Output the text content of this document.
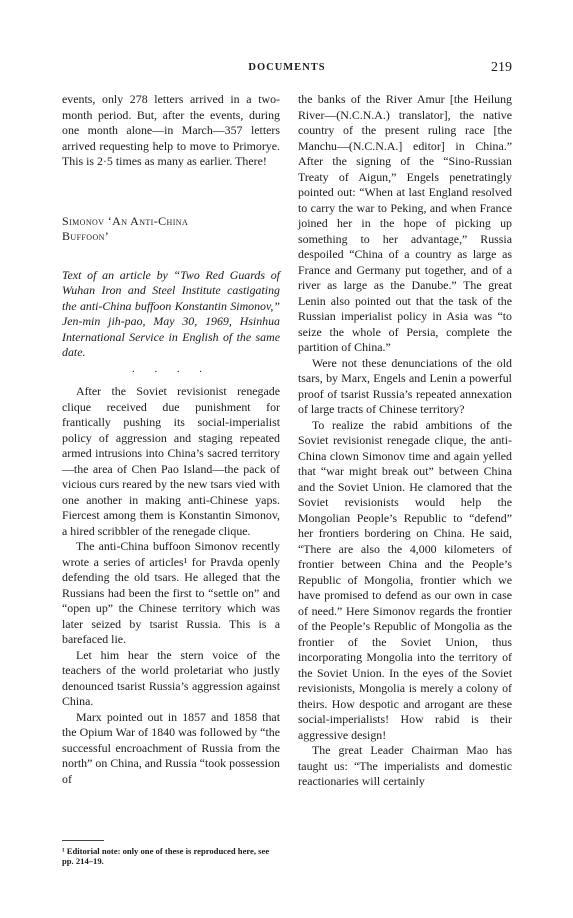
DOCUMENTS	219

events, only 278 letters arrived in a two-month period. But, after the events, during one month alone—in March—357 letters arrived requesting help to move to Primorye. This is 2·5 times as many as earlier. There!

Simonov ‘An Anti-China
Buffoon’

Text of an article by “Two Red Guards of Wuhan Iron and Steel Institute castigating the anti-China buffoon Konstantin Simonov,” Jen-min jih-pao, May 30, 1969, Hsinhua International Service in English of the same date.

· · · ·

After the Soviet revisionist renegade clique received due punishment for frantically pushing its social-imperialist policy of aggression and staging repeated armed intrusions into China’s sacred territory—the area of Chen Pao Island—the pack of vicious curs reared by the new tsars vied with one another in making anti-Chinese yaps. Fiercest among them is Konstantin Simonov, a hired scribbler of the renegade clique.

The anti-China buffoon Simonov recently wrote a series of articles¹ for Pravda openly defending the old tsars. He alleged that the Russians had been the first to “settle on” and “open up” the Chinese territory which was later seized by tsarist Russia. This is a barefaced lie.

Let him hear the stern voice of the teachers of the world proletariat who justly denounced tsarist Russia’s aggression against China.

Marx pointed out in 1857 and 1858 that the Opium War of 1840 was followed by “the successful encroachment of Russia from the north” on China, and Russia “took possession of

the banks of the River Amur [the Heilung River—(N.C.N.A.) translator], the native country of the present ruling race [the Manchu—(N.C.N.A.] editor] in China.” After the signing of the “Sino-Russian Treaty of Aigun,” Engels penetratingly pointed out: “When at last England resolved to carry the war to Peking, and when France joined her in the hope of picking up something to her advantage,” Russia despoiled “China of a country as large as France and Germany put together, and of a river as large as the Danube.” The great Lenin also pointed out that the task of the Russian imperialist policy in Asia was “to seize the whole of Persia, complete the partition of China.”

Were not these denunciations of the old tsars, by Marx, Engels and Lenin a powerful proof of tsarist Russia’s repeated annexation of large tracts of Chinese territory?

To realize the rabid ambitions of the Soviet revisionist renegade clique, the anti-China clown Simonov time and again yelled that “war might break out” between China and the Soviet Union. He clamored that the Soviet revisionists would help the Mongolian People’s Republic to “defend” her frontiers bordering on China. He said, “There are also the 4,000 kilometers of frontier between China and the People’s Republic of Mongolia, frontier which we have promised to defend as our own in case of need.” Here Simonov regards the frontier of the People’s Republic of Mongolia as the frontier of the Soviet Union, thus incorporating Mongolia into the territory of the Soviet Union. In the eyes of the Soviet revisionists, Mongolia is merely a colony of theirs. How despotic and arrogant are these social-imperialists! How rabid is their aggressive design!

The great Leader Chairman Mao has taught us: “The imperialists and domestic reactionaries will certainly

¹ Editorial note: only one of these is reproduced here, see pp. 214–19.
